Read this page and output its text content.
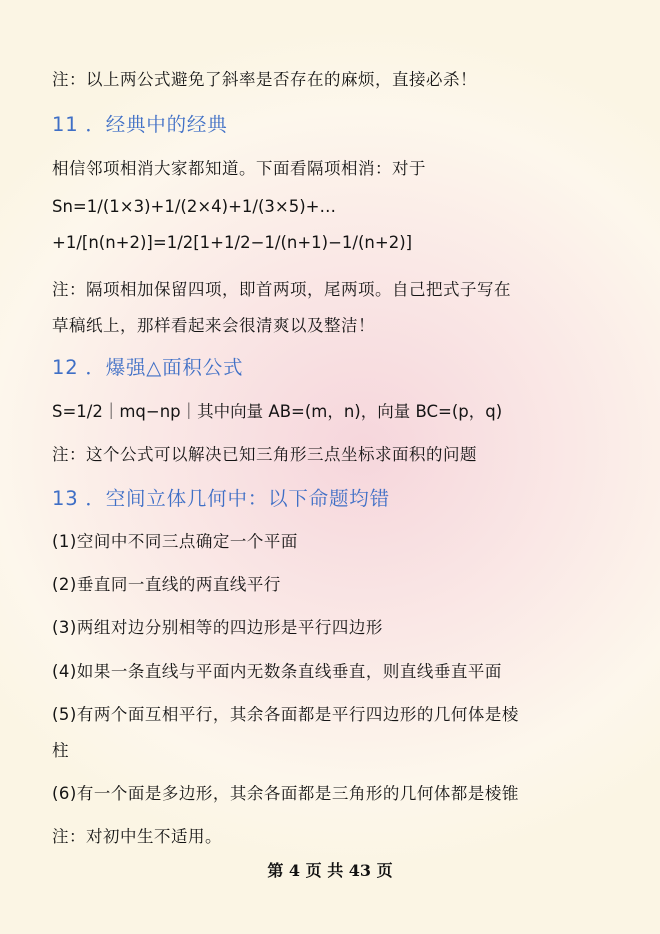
注：以上两公式避免了斜率是否存在的麻烦，直接必杀！
11 ．经典中的经典
相信邻项相消大家都知道。下面看隔项相消：对于
Sn=1/(1×3)+1/(2×4)+1/(3×5)+…
+1/[n(n+2)]=1/2[1+1/2−1/(n+1)−1/(n+2)]
注：隔项相加保留四项，即首两项，尾两项。自己把式子写在
草稿纸上，那样看起来会很清爽以及整洁！
12 ．爆强△面积公式
S=1/2｜mq−np｜其中向量 AB=(m，n)，向量 BC=(p，q)
注：这个公式可以解决已知三角形三点坐标求面积的问题
13 ．空间立体几何中：以下命题均错
(1)空间中不同三点确定一个平面
(2)垂直同一直线的两直线平行
(3)两组对边分别相等的四边形是平行四边形
(4)如果一条直线与平面内无数条直线垂直，则直线垂直平面
(5)有两个面互相平行，其余各面都是平行四边形的几何体是棱
柱
(6)有一个面是多边形，其余各面都是三角形的几何体都是棱锥
注：对初中生不适用。
第 4 页 共 43 页
